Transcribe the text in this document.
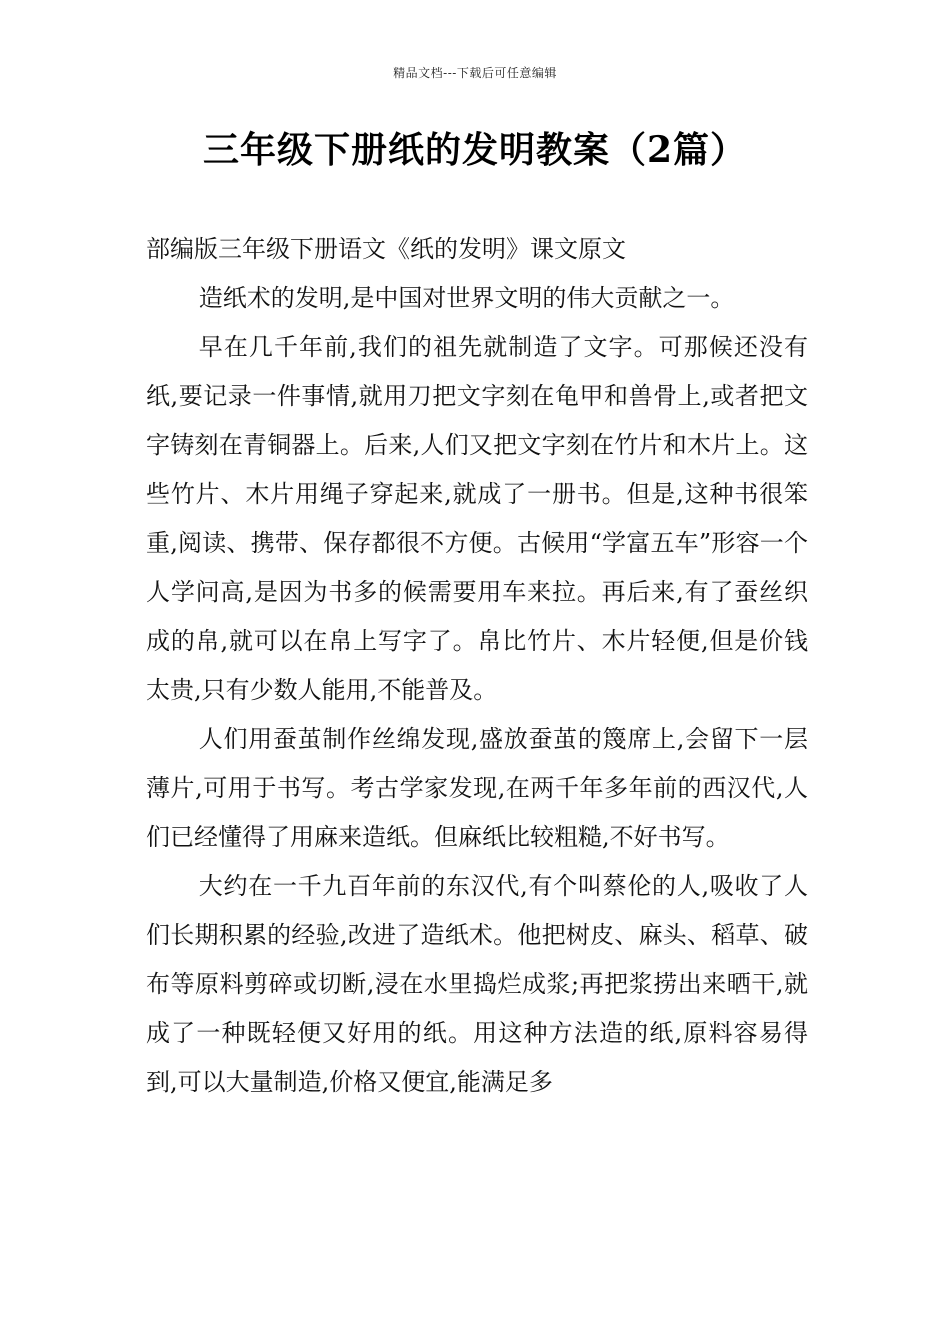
精品文档---下载后可任意编辑
三年级下册纸的发明教案（2篇）

部编版三年级下册语文《纸的发明》课文原文

造纸术的发明,是中国对世界文明的伟大贡献之一。

早在几千年前,我们的祖先就制造了文字。可那候还没有纸,要记录一件事情,就用刀把文字刻在龟甲和兽骨上,或者把文字铸刻在青铜器上。后来,人们又把文字刻在竹片和木片上。这些竹片、木片用绳子穿起来,就成了一册书。但是,这种书很笨重,阅读、携带、保存都很不方便。古候用“学富五车”形容一个人学问高,是因为书多的候需要用车来拉。再后来,有了蚕丝织成的帛,就可以在帛上写字了。帛比竹片、木片轻便,但是价钱太贵,只有少数人能用,不能普及。

人们用蚕茧制作丝绵发现,盛放蚕茧的篾席上,会留下一层薄片,可用于书写。考古学家发现,在两千年多年前的西汉代,人们已经懂得了用麻来造纸。但麻纸比较粗糙,不好书写。

大约在一千九百年前的东汉代,有个叫蔡伦的人,吸收了人们长期积累的经验,改进了造纸术。他把树皮、麻头、稻草、破布等原料剪碎或切断,浸在水里捣烂成浆;再把浆捞出来晒干,就成了一种既轻便又好用的纸。用这种方法造的纸,原料容易得到,可以大量制造,价格又便宜,能满足多
